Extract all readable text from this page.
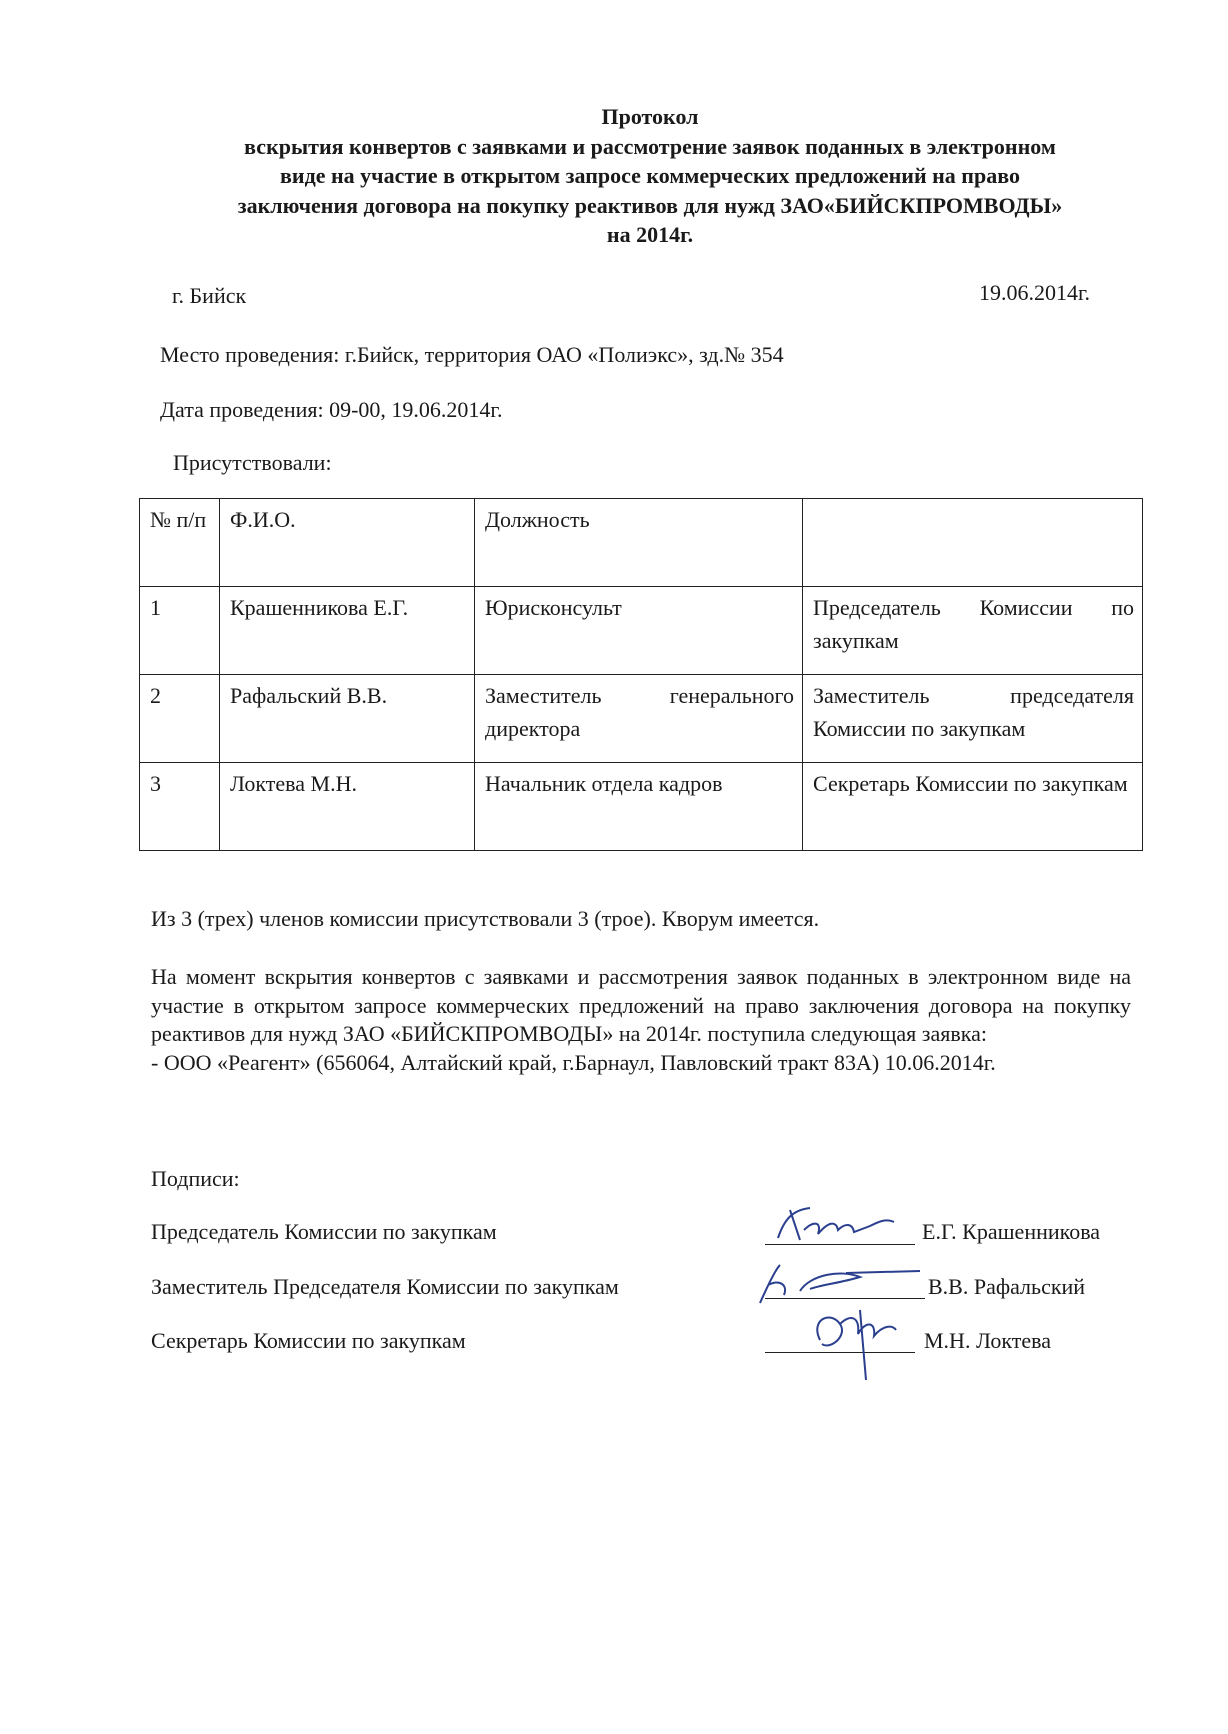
Протокол
вскрытия конвертов с заявками и рассмотрение заявок поданных в электронном
виде на участие в открытом запросе коммерческих предложений на право
заключения договора на покупку реактивов для нужд ЗАО«БИЙСКПРОМВОДЫ»
на 2014г.
г. Бийск	19.06.2014г.
Место проведения: г.Бийск, территория ОАО «Полиэкс», зд.№ 354
Дата проведения: 09-00, 19.06.2014г.
Присутствовали:
№ п/п	Ф.И.О.	Должность	
1	Крашенникова Е.Г.	Юрисконсульт	Председатель Комиссии по закупкам
2	Рафальский В.В.	Заместитель генерального директора	Заместитель председателя Комиссии по закупкам
3	Локтева М.Н.	Начальник отдела кадров	Секретарь Комиссии по закупкам
Из 3 (трех) членов комиссии присутствовали 3 (трое). Кворум имеется.

На момент вскрытия конвертов с заявками и рассмотрения заявок поданных в электронном виде на участие в открытом запросе коммерческих предложений на право заключения договора на покупку реактивов для нужд ЗАО «БИЙСКПРОМВОДЫ» на 2014г. поступила следующая заявка:

- ООО «Реагент» (656064, Алтайский край, г.Барнаул, Павловский тракт 83А) 10.06.2014г.

Подписи:
Председатель Комиссии по закупкам	Е.Г. Крашенникова
Заместитель Председателя Комиссии по закупкам	В.В. Рафальский
Секретарь Комиссии по закупкам	М.Н. Локтева
